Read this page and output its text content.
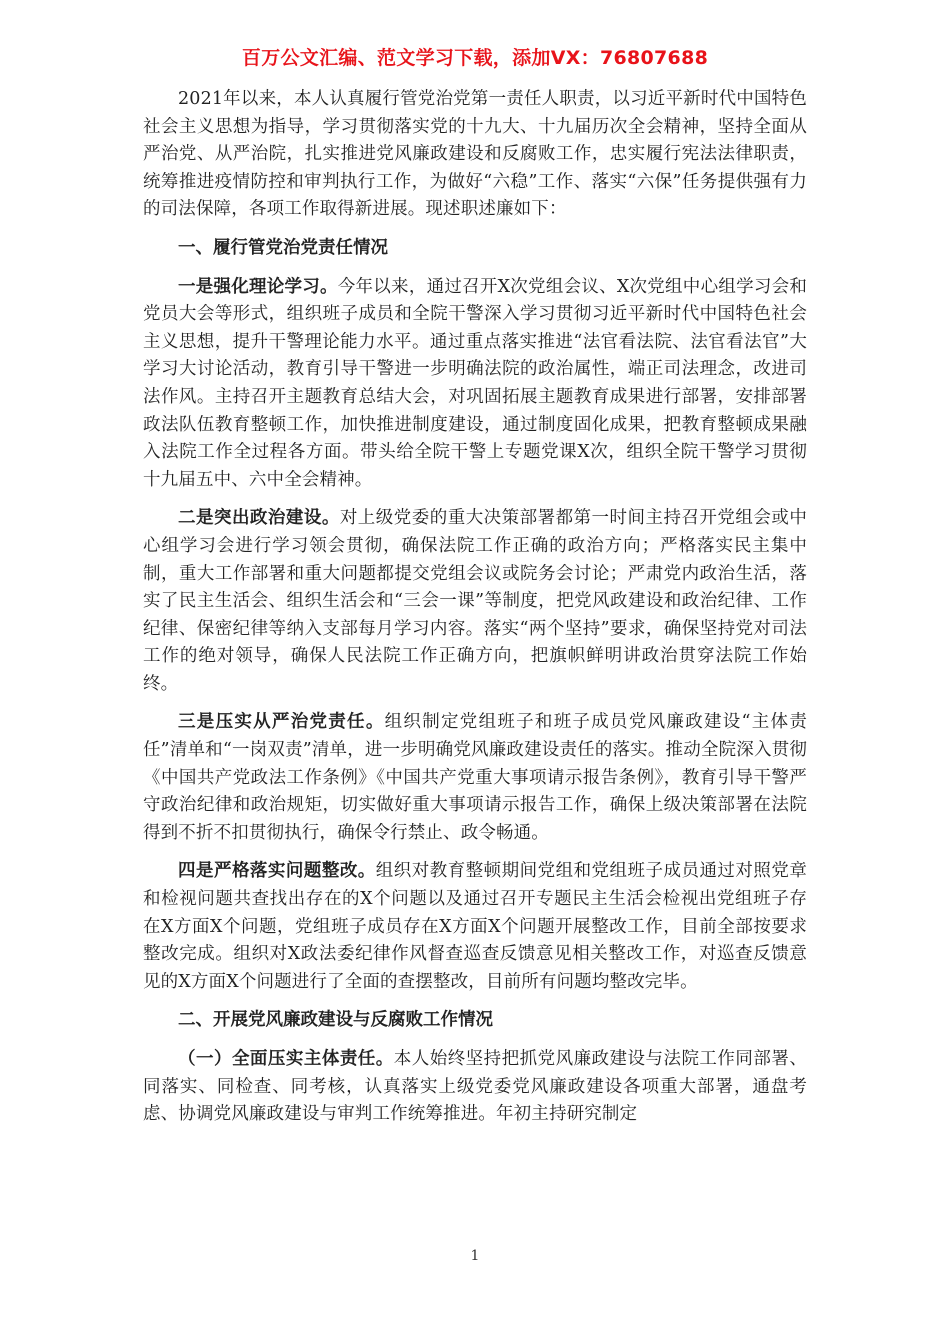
百万公文汇编、范文学习下载，添加VX：76807688

2021年以来，本人认真履行管党治党第一责任人职责，以习近平新时代中国特色社会主义思想为指导，学习贯彻落实党的十九大、十九届历次全会精神，坚持全面从严治党、从严治院，扎实推进党风廉政建设和反腐败工作，忠实履行宪法法律职责，统筹推进疫情防控和审判执行工作，为做好“六稳”工作、落实“六保”任务提供强有力的司法保障，各项工作取得新进展。现述职述廉如下：

一、履行管党治党责任情况

一是强化理论学习。今年以来，通过召开X次党组会议、X次党组中心组学习会和党员大会等形式，组织班子成员和全院干警深入学习贯彻习近平新时代中国特色社会主义思想，提升干警理论能力水平。通过重点落实推进“法官看法院、法官看法官”大学习大讨论活动，教育引导干警进一步明确法院的政治属性，端正司法理念，改进司法作风。主持召开主题教育总结大会，对巩固拓展主题教育成果进行部署，安排部署政法队伍教育整顿工作，加快推进制度建设，通过制度固化成果，把教育整顿成果融入法院工作全过程各方面。带头给全院干警上专题党课X次，组织全院干警学习贯彻十九届五中、六中全会精神。

二是突出政治建设。对上级党委的重大决策部署都第一时间主持召开党组会或中心组学习会进行学习领会贯彻，确保法院工作正确的政治方向；严格落实民主集中制，重大工作部署和重大问题都提交党组会议或院务会讨论；严肃党内政治生活，落实了民主生活会、组织生活会和“三会一课”等制度，把党风政建设和政治纪律、工作纪律、保密纪律等纳入支部每月学习内容。落实“两个坚持”要求，确保坚持党对司法工作的绝对领导，确保人民法院工作正确方向，把旗帜鲜明讲政治贯穿法院工作始终。

三是压实从严治党责任。组织制定党组班子和班子成员党风廉政建设“主体责任”清单和“一岗双责”清单，进一步明确党风廉政建设责任的落实。推动全院深入贯彻《中国共产党政法工作条例》《中国共产党重大事项请示报告条例》，教育引导干警严守政治纪律和政治规矩，切实做好重大事项请示报告工作，确保上级决策部署在法院得到不折不扣贯彻执行，确保令行禁止、政令畅通。

四是严格落实问题整改。组织对教育整顿期间党组和党组班子成员通过对照党章和检视问题共查找出存在的X个问题以及通过召开专题民主生活会检视出党组班子存在X方面X个问题，党组班子成员存在X方面X个问题开展整改工作，目前全部按要求整改完成。组织对X政法委纪律作风督查巡查反馈意见相关整改工作，对巡查反馈意见的X方面X个问题进行了全面的查摆整改，目前所有问题均整改完毕。

二、开展党风廉政建设与反腐败工作情况

（一）全面压实主体责任。本人始终坚持把抓党风廉政建设与法院工作同部署、同落实、同检查、同考核，认真落实上级党委党风廉政建设各项重大部署，通盘考虑、协调党风廉政建设与审判工作统筹推进。年初主持研究制定

1
